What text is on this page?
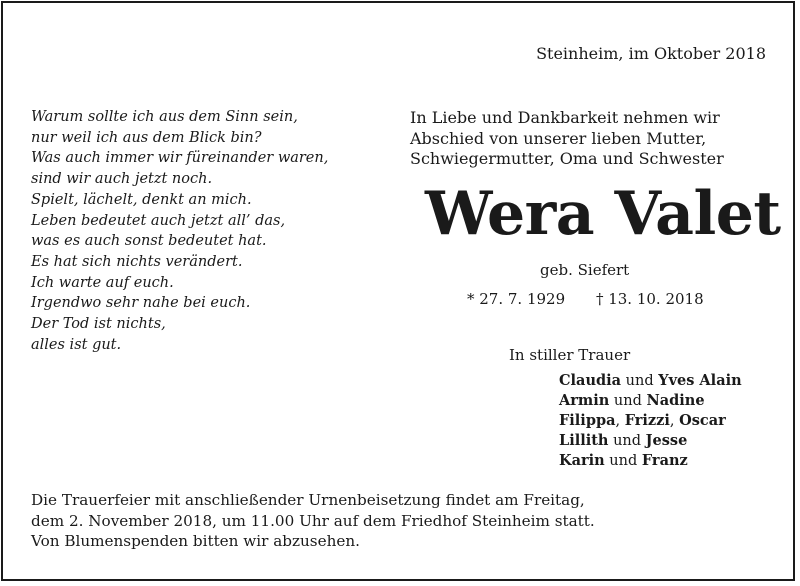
Steinheim, im Oktober 2018
Warum sollte ich aus dem Sinn sein,
nur weil ich aus dem Blick bin?
Was auch immer wir füreinander waren,
sind wir auch jetzt noch.
Spielt, lächelt, denkt an mich.
Leben bedeutet auch jetzt all’ das,
was es auch sonst bedeutet hat.
Es hat sich nichts verändert.
Ich warte auf euch.
Irgendwo sehr nahe bei euch.
Der Tod ist nichts,
alles ist gut.
In Liebe und Dankbarkeit nehmen wir
Abschied von unserer lieben Mutter,
Schwiegermutter, Oma und Schwester
Wera Valet
geb. Siefert
* 27. 7. 1929 † 13. 10. 2018
In stiller Trauer
Claudia und Yves Alain
Armin und Nadine
Filippa, Frizzi, Oscar
Lillith und Jesse
Karin und Franz
Die Trauerfeier mit anschließender Urnenbeisetzung findet am Freitag,
dem 2. November 2018, um 11.00 Uhr auf dem Friedhof Steinheim statt.
Von Blumenspenden bitten wir abzusehen.
